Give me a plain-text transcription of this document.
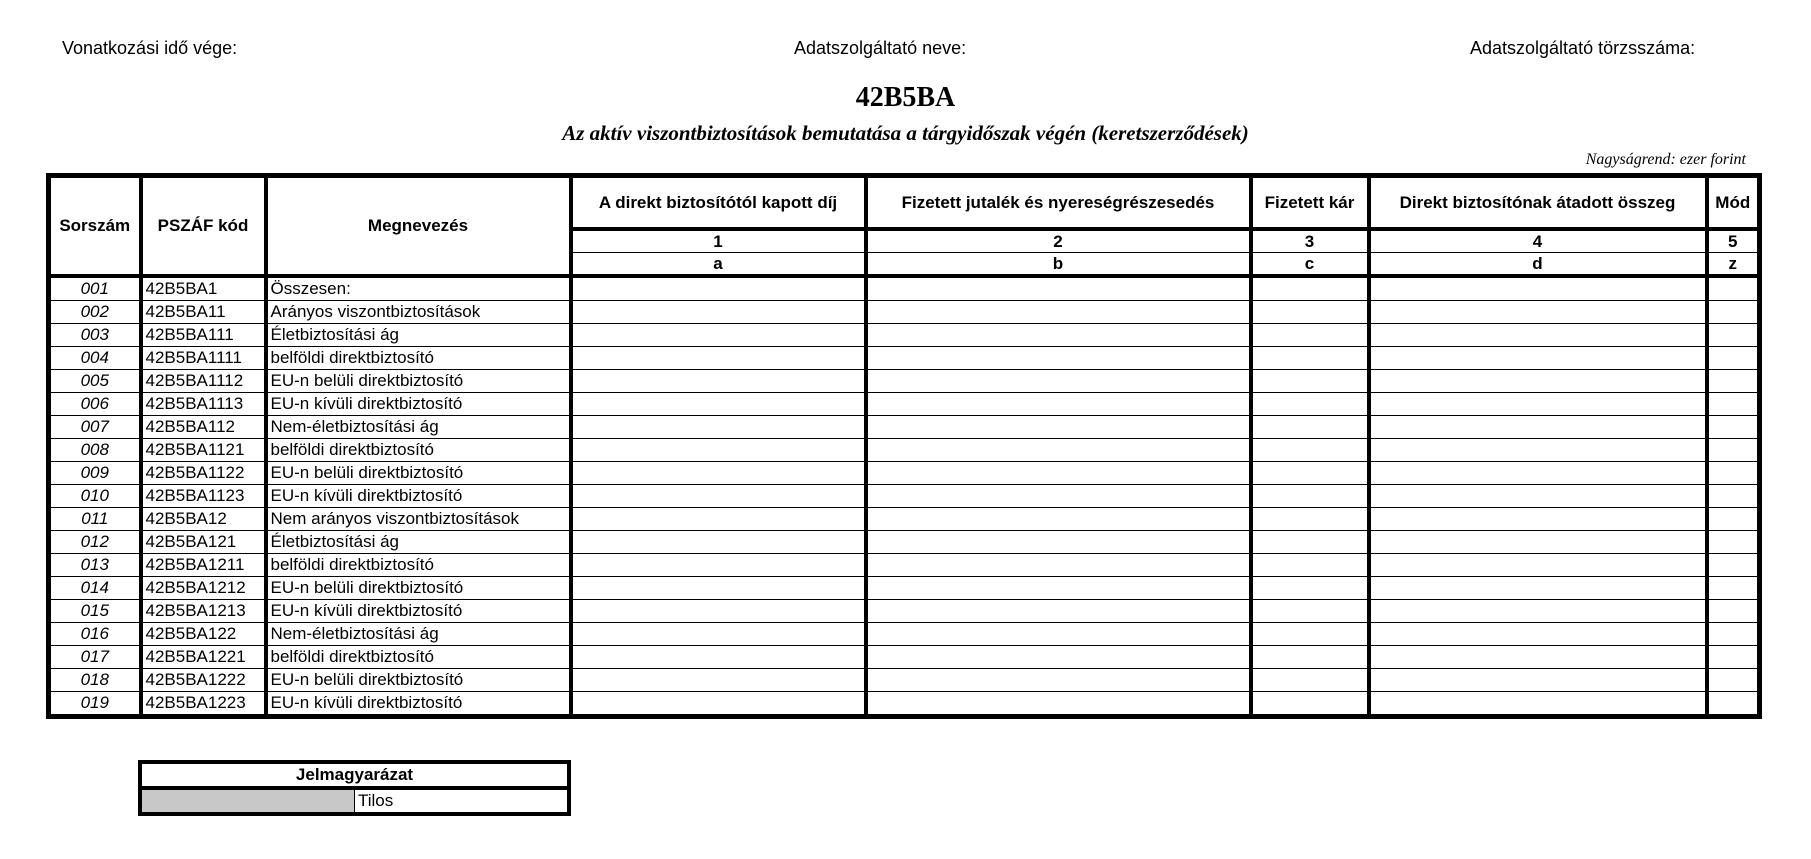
Vonatkozási idő vége:	Adatszolgáltató neve:	Adatszolgáltató törzsszáma:
42B5BA
Az aktív viszontbiztosítások bemutatása a tárgyidőszak végén (keretszerződések)
Nagyságrend: ezer forint
Sorszám	PSZÁF kód	Megnevezés	A direkt biztosítótól kapott díj	Fizetett jutalék és nyereségrészesedés	Fizetett kár	Direkt biztosítónak átadott összeg	Mód
			1	2	3	4	5
			a	b	c	d	z
001	42B5BA1	Összesen:					
002	42B5BA11	Arányos viszontbiztosítások					
003	42B5BA111	Életbiztosítási ág					
004	42B5BA1111	belföldi direktbiztosító					
005	42B5BA1112	EU-n belüli direktbiztosító					
006	42B5BA1113	EU-n kívüli direktbiztosító					
007	42B5BA112	Nem-életbiztosítási ág					
008	42B5BA1121	belföldi direktbiztosító					
009	42B5BA1122	EU-n belüli direktbiztosító					
010	42B5BA1123	EU-n kívüli direktbiztosító					
011	42B5BA12	Nem arányos viszontbiztosítások					
012	42B5BA121	Életbiztosítási ág					
013	42B5BA1211	belföldi direktbiztosító					
014	42B5BA1212	EU-n belüli direktbiztosító					
015	42B5BA1213	EU-n kívüli direktbiztosító					
016	42B5BA122	Nem-életbiztosítási ág					
017	42B5BA1221	belföldi direktbiztosító					
018	42B5BA1222	EU-n belüli direktbiztosító					
019	42B5BA1223	EU-n kívüli direktbiztosító					
Jelmagyarázat
	Tilos
